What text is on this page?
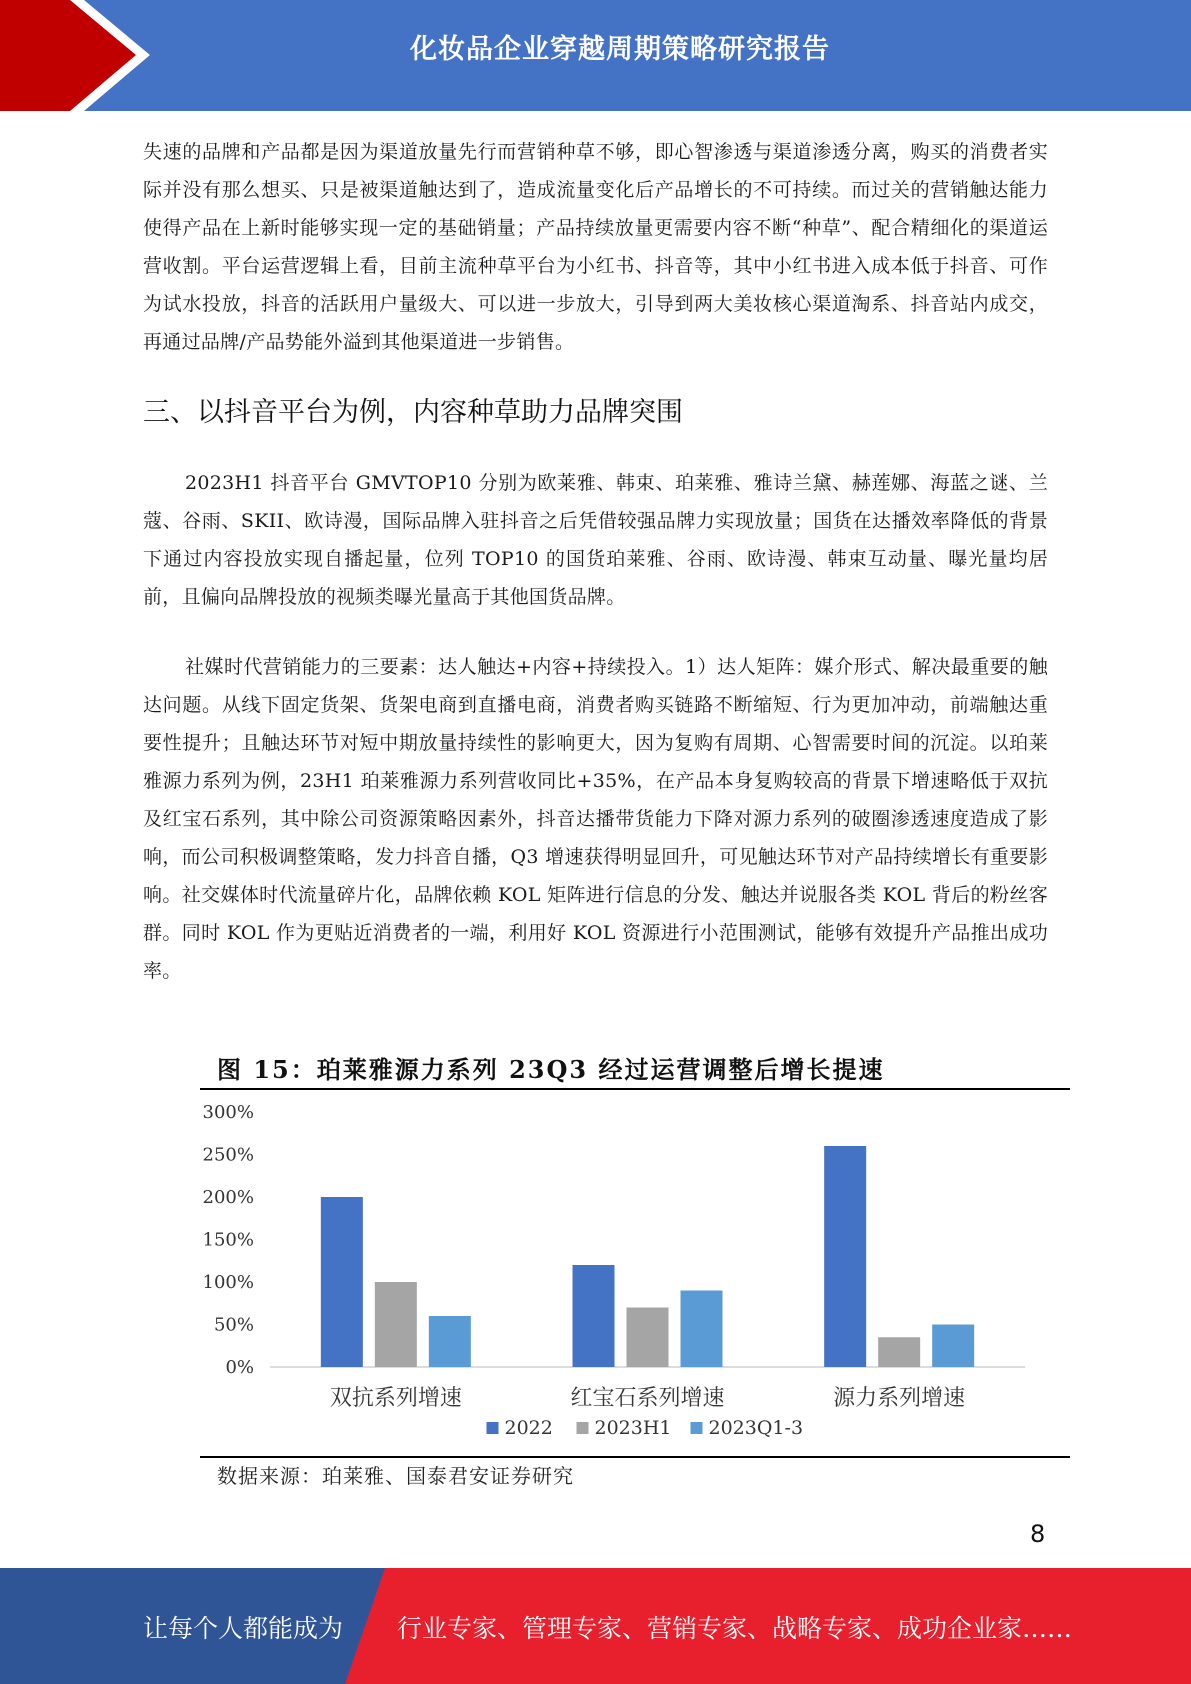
化妆品企业穿越周期策略研究报告

失速的品牌和产品都是因为渠道放量先行而营销种草不够，即心智渗透与渠道渗透分离，购买的消费者实际并没有那么想买、只是被渠道触达到了，造成流量变化后产品增长的不可持续。而过关的营销触达能力使得产品在上新时能够实现一定的基础销量；产品持续放量更需要内容不断“种草”、配合精细化的渠道运营收割。平台运营逻辑上看，目前主流种草平台为小红书、抖音等，其中小红书进入成本低于抖音、可作为试水投放，抖音的活跃用户量级大、可以进一步放大，引导到两大美妆核心渠道淘系、抖音站内成交，再通过品牌/产品势能外溢到其他渠道进一步销售。

三、以抖音平台为例，内容种草助力品牌突围

2023H1 抖音平台 GMVTOP10 分别为欧莱雅、韩束、珀莱雅、雅诗兰黛、赫莲娜、海蓝之谜、兰蔻、谷雨、SKII、欧诗漫，国际品牌入驻抖音之后凭借较强品牌力实现放量；国货在达播效率降低的背景下通过内容投放实现自播起量，位列 TOP10 的国货珀莱雅、谷雨、欧诗漫、韩束互动量、曝光量均居前，且偏向品牌投放的视频类曝光量高于其他国货品牌。

社媒时代营销能力的三要素：达人触达+内容+持续投入。1）达人矩阵：媒介形式、解决最重要的触达问题。从线下固定货架、货架电商到直播电商，消费者购买链路不断缩短、行为更加冲动，前端触达重要性提升；且触达环节对短中期放量持续性的影响更大，因为复购有周期、心智需要时间的沉淀。以珀莱雅源力系列为例，23H1 珀莱雅源力系列营收同比+35%，在产品本身复购较高的背景下增速略低于双抗及红宝石系列，其中除公司资源策略因素外，抖音达播带货能力下降对源力系列的破圈渗透速度造成了影响，而公司积极调整策略，发力抖音自播，Q3 增速获得明显回升，可见触达环节对产品持续增长有重要影响。社交媒体时代流量碎片化，品牌依赖 KOL 矩阵进行信息的分发、触达并说服各类 KOL 背后的粉丝客群。同时 KOL 作为更贴近消费者的一端，利用好 KOL 资源进行小范围测试，能够有效提升产品推出成功率。

图 15：珀莱雅源力系列 23Q3 经过运营调整后增长提速
0%
50%
100%
150%
200%
250%
300%
双抗系列增速	红宝石系列增速	源力系列增速
2022 2023H1 2023Q1-3
数据来源：珀莱雅、国泰君安证券研究
8
让每个人都能成为 行业专家、管理专家、营销专家、战略专家、成功企业家……
